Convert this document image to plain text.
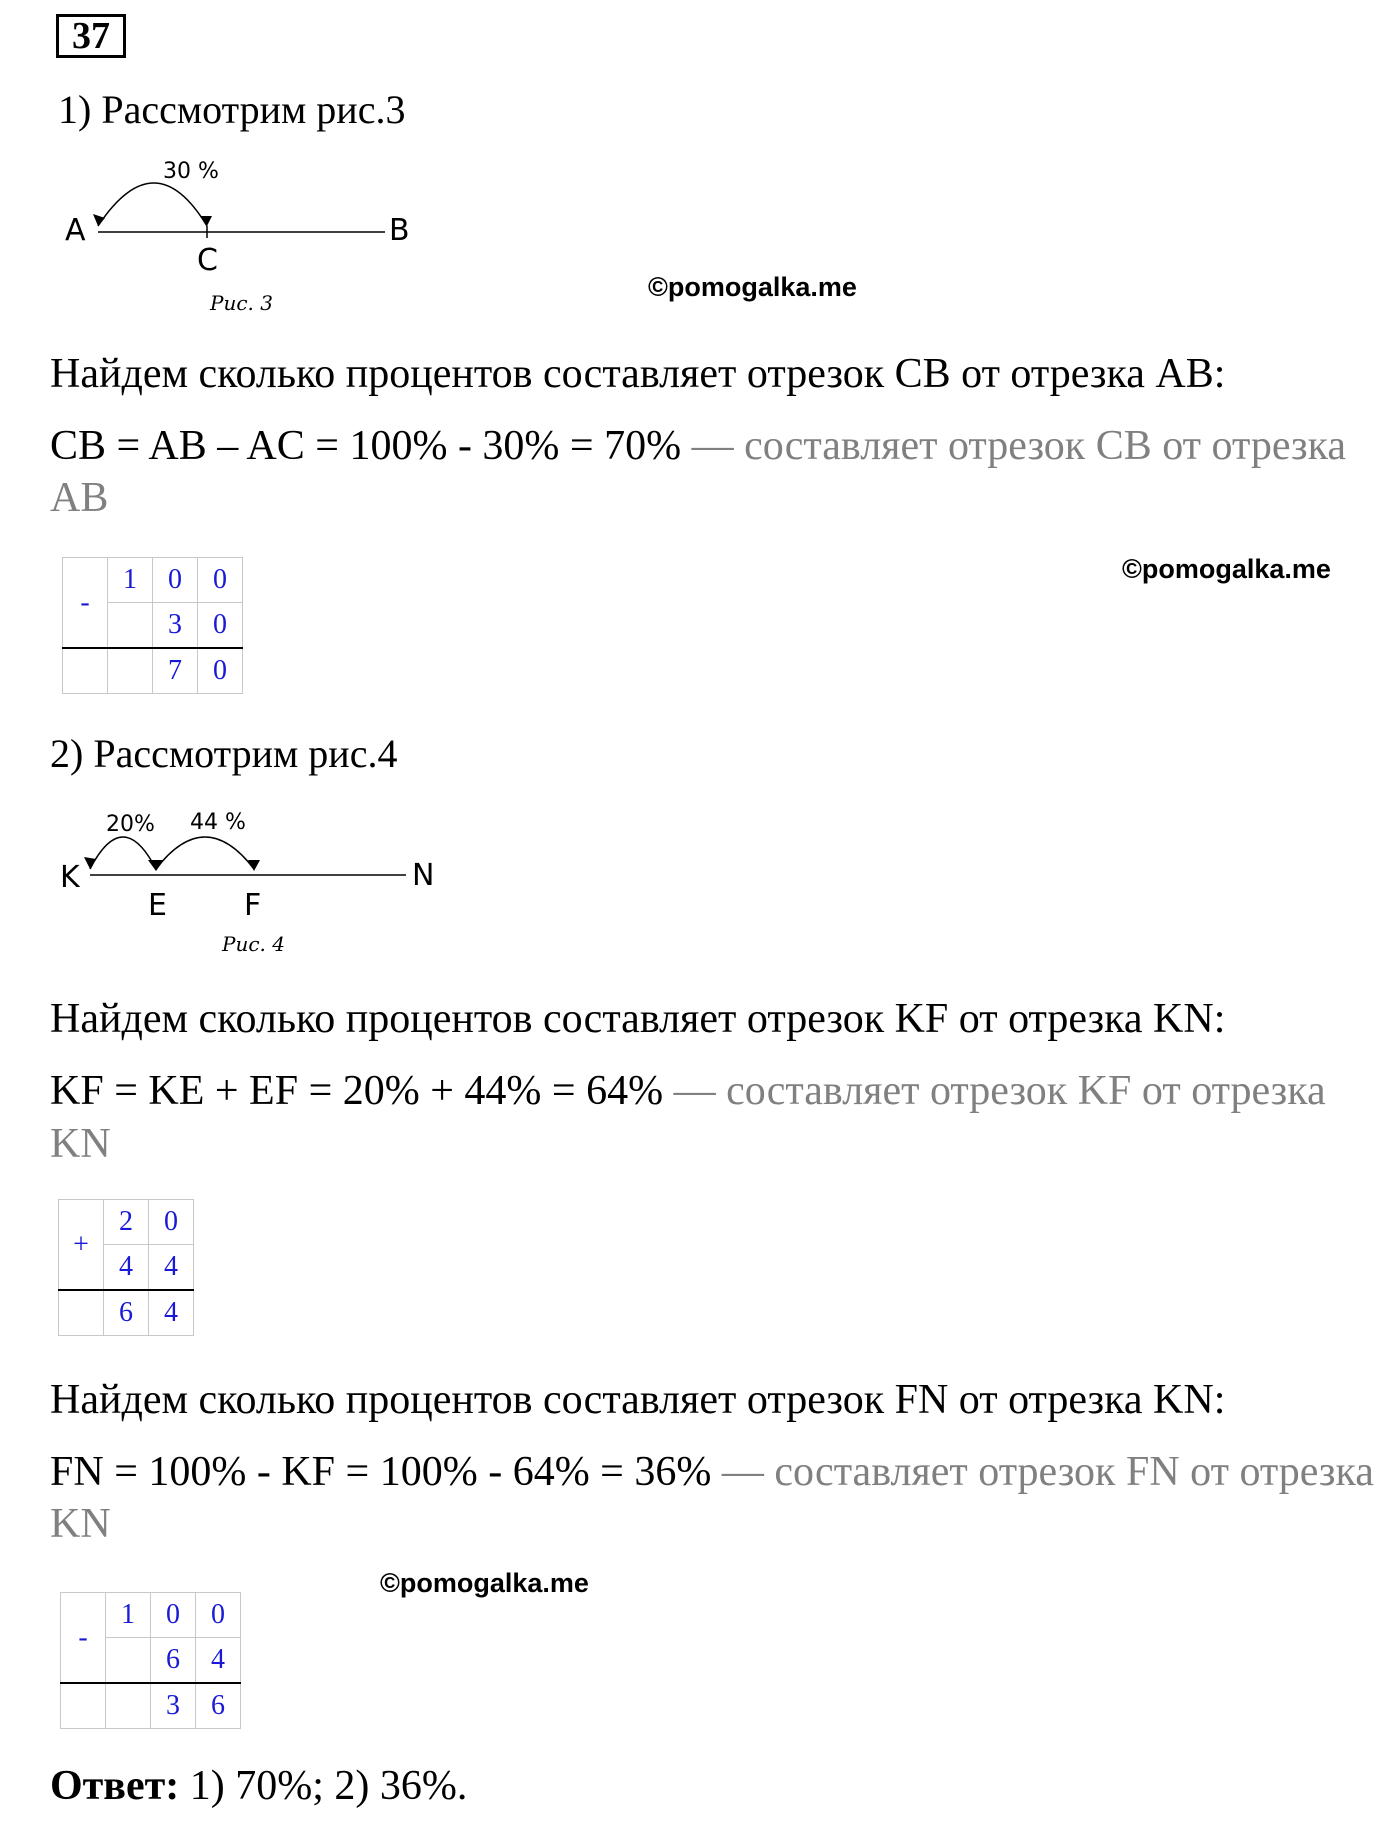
37
1) Рассмотрим рис.3
30 %
A
C
B
Рис. 3
©pomogalka.me
Найдем сколько процентов составляет отрезок CB от отрезка AB:
CB = AB – AC = 100% - 30% = 70% — составляет отрезок CB от отрезка
AB
-	1	0	0
		3	0
		7	0
©pomogalka.me
2) Рассмотрим рис.4
20% 44 %
K
E	F
N
Рис. 4
Найдем сколько процентов составляет отрезок KF от отрезка KN:
KF = KE + EF = 20% + 44% = 64% — составляет отрезок KF от отрезка
KN
+	2	0
	4	4
	6	4
Найдем сколько процентов составляет отрезок FN от отрезка KN:
FN = 100% - KF = 100% - 64% = 36% — составляет отрезок FN от отрезка
KN
©pomogalka.me
-	1	0	0
		6	4
		3	6
Ответ: 1) 70%; 2) 36%.
